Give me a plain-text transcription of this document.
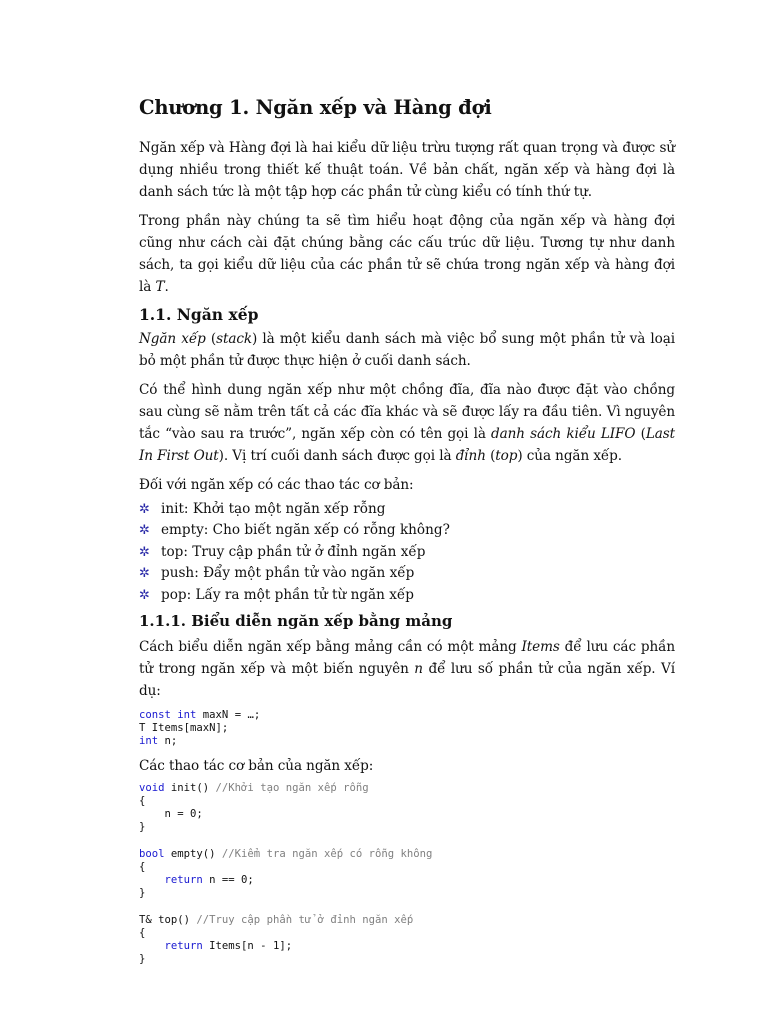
Chương 1. Ngăn xếp và Hàng đợi

Ngăn xếp và Hàng đợi là hai kiểu dữ liệu trừu tượng rất quan trọng và được sử dụng nhiều trong thiết kế thuật toán. Về bản chất, ngăn xếp và hàng đợi là danh sách tức là một tập hợp các phần tử cùng kiểu có tính thứ tự.

Trong phần này chúng ta sẽ tìm hiểu hoạt động của ngăn xếp và hàng đợi cũng như cách cài đặt chúng bằng các cấu trúc dữ liệu. Tương tự như danh sách, ta gọi kiểu dữ liệu của các phần tử sẽ chứa trong ngăn xếp và hàng đợi là T.

1.1. Ngăn xếp

Ngăn xếp (stack) là một kiểu danh sách mà việc bổ sung một phần tử và loại bỏ một phần tử được thực hiện ở cuối danh sách.

Có thể hình dung ngăn xếp như một chồng đĩa, đĩa nào được đặt vào chồng sau cùng sẽ nằm trên tất cả các đĩa khác và sẽ được lấy ra đầu tiên. Vì nguyên tắc “vào sau ra trước”, ngăn xếp còn có tên gọi là danh sách kiểu LIFO (Last In First Out). Vị trí cuối danh sách được gọi là đỉnh (top) của ngăn xếp.

Đối với ngăn xếp có các thao tác cơ bản:

✲ init: Khởi tạo một ngăn xếp rỗng
✲ empty: Cho biết ngăn xếp có rỗng không?
✲ top: Truy cập phần tử ở đỉnh ngăn xếp
✲ push: Đẩy một phần tử vào ngăn xếp
✲ pop: Lấy ra một phần tử từ ngăn xếp
1.1.1. Biểu diễn ngăn xếp bằng mảng

Cách biểu diễn ngăn xếp bằng mảng cần có một mảng Items để lưu các phần tử trong ngăn xếp và một biến nguyên n để lưu số phần tử của ngăn xếp. Ví dụ:

const int maxN = …;
T Items[maxN];
int n;

Các thao tác cơ bản của ngăn xếp:

void init() //Khởi tạo ngăn xếp rỗng
{
n = 0;
}

bool empty() //Kiểm tra ngăn xếp có rỗng không
{
return n == 0;
}

T& top() //Truy cập phần tử ở đỉnh ngăn xếp
{
return Items[n - 1];
}
